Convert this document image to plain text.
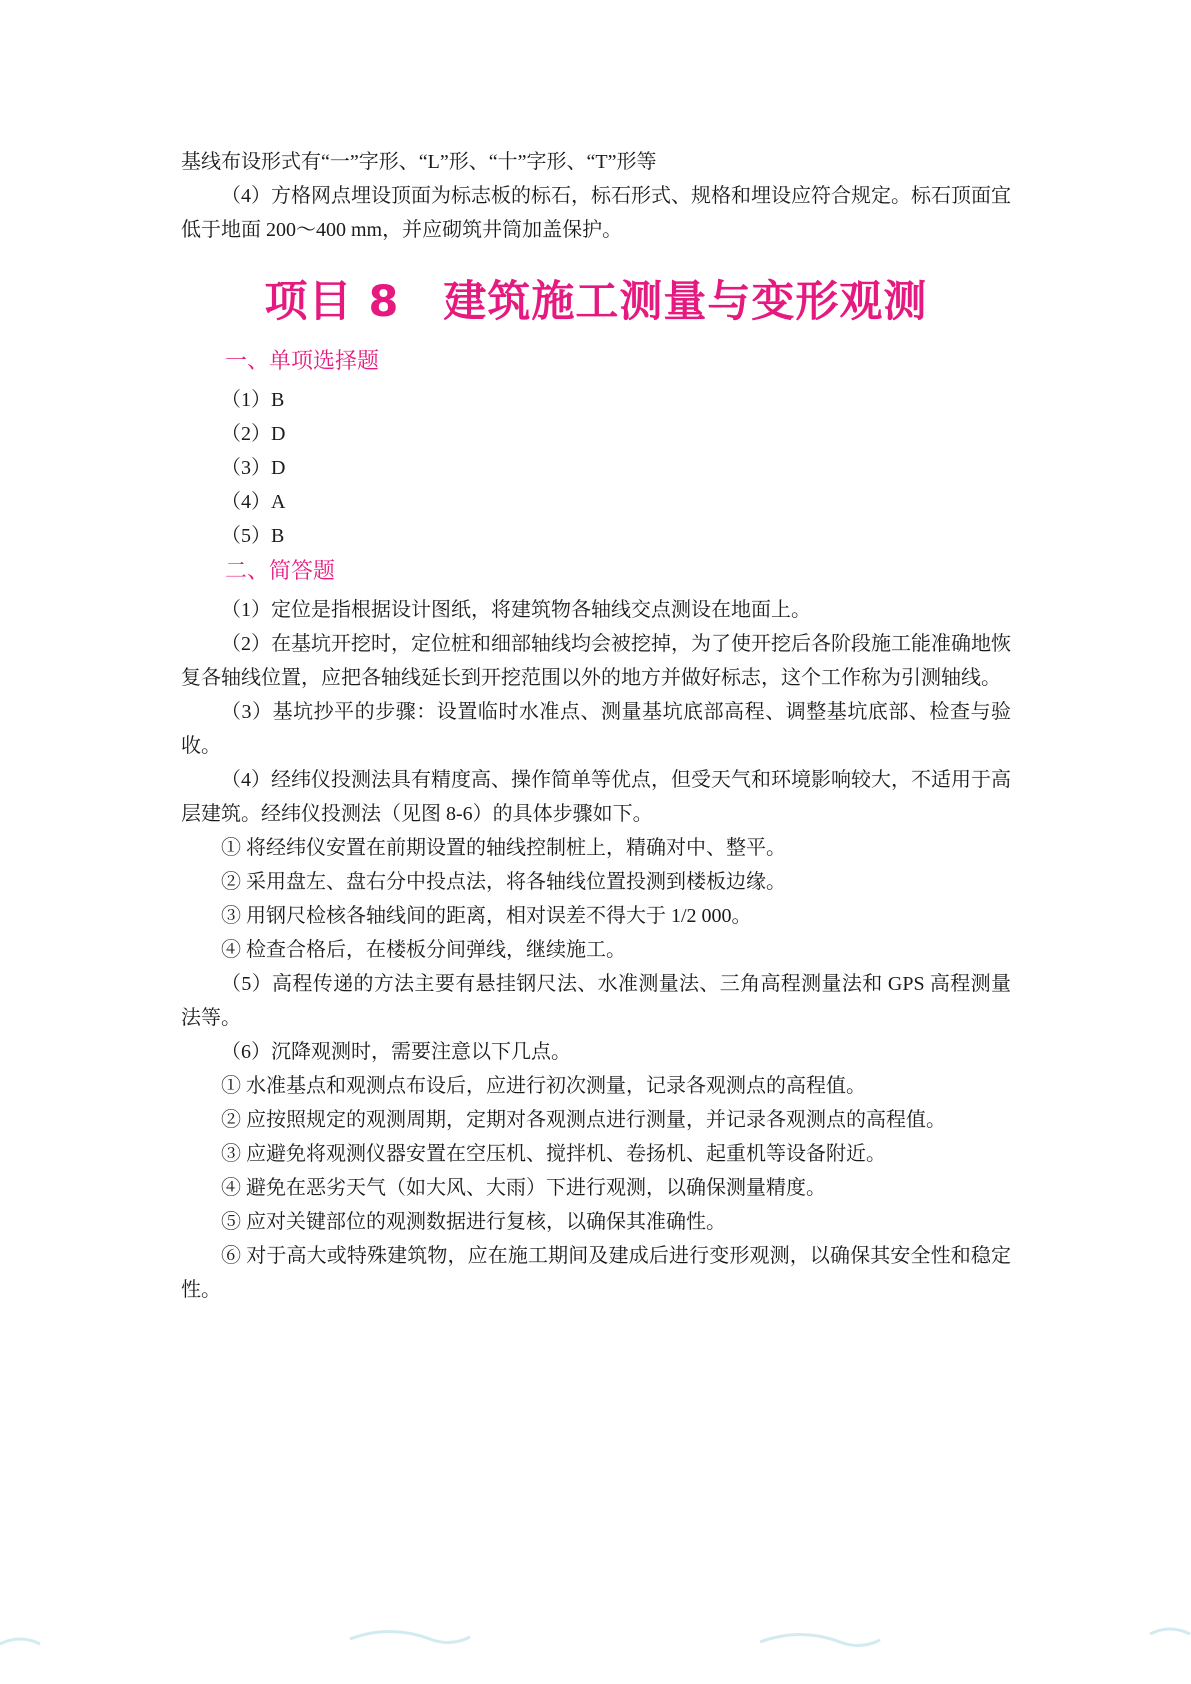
基线布设形式有“一”字形、“L”形、“十”字形、“T”形等

（4）方格网点埋设顶面为标志板的标石，标石形式、规格和埋设应符合规定。标石顶面宜低于地面 200～400 mm，并应砌筑井筒加盖保护。

项目 8　建筑施工测量与变形观测
一、单项选择题

（1）B

（2）D

（3）D

（4）A

（5）B

二、简答题

（1）定位是指根据设计图纸，将建筑物各轴线交点测设在地面上。

（2）在基坑开挖时，定位桩和细部轴线均会被挖掉，为了使开挖后各阶段施工能准确地恢复各轴线位置，应把各轴线延长到开挖范围以外的地方并做好标志，这个工作称为引测轴线。

（3）基坑抄平的步骤：设置临时水准点、测量基坑底部高程、调整基坑底部、检查与验收。

（4）经纬仪投测法具有精度高、操作简单等优点，但受天气和环境影响较大，不适用于高层建筑。经纬仪投测法（见图 8-6）的具体步骤如下。

① 将经纬仪安置在前期设置的轴线控制桩上，精确对中、整平。

② 采用盘左、盘右分中投点法，将各轴线位置投测到楼板边缘。

③ 用钢尺检核各轴线间的距离，相对误差不得大于 1/2 000。

④ 检查合格后，在楼板分间弹线，继续施工。

（5）高程传递的方法主要有悬挂钢尺法、水准测量法、三角高程测量法和 GPS 高程测量法等。

（6）沉降观测时，需要注意以下几点。

① 水准基点和观测点布设后，应进行初次测量，记录各观测点的高程值。

② 应按照规定的观测周期，定期对各观测点进行测量，并记录各观测点的高程值。

③ 应避免将观测仪器安置在空压机、搅拌机、卷扬机、起重机等设备附近。

④ 避免在恶劣天气（如大风、大雨）下进行观测，以确保测量精度。

⑤ 应对关键部位的观测数据进行复核，以确保其准确性。

⑥ 对于高大或特殊建筑物，应在施工期间及建成后进行变形观测，以确保其安全性和稳定性。
